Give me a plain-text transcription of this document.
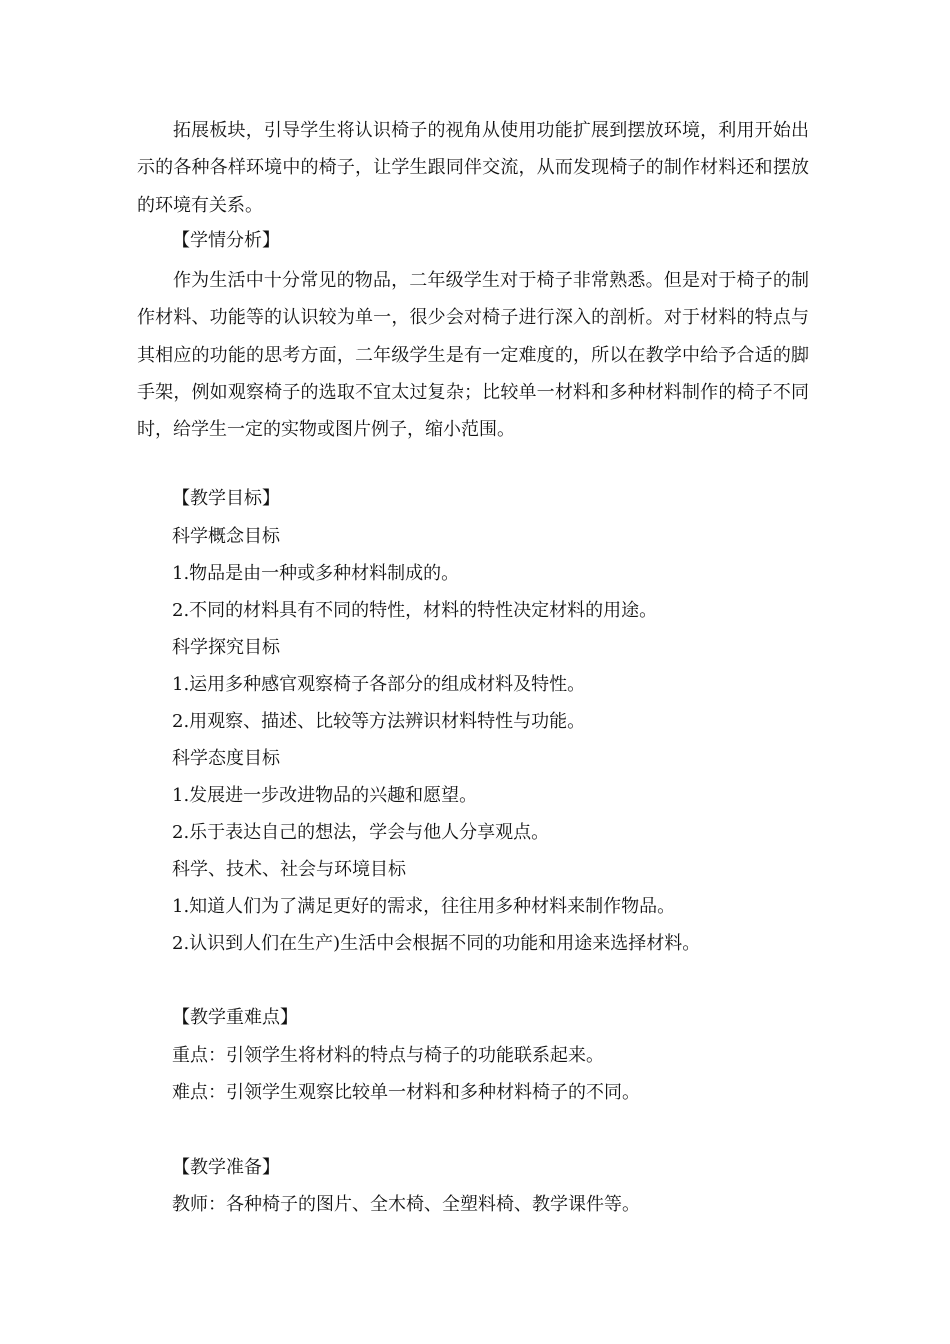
拓展板块，引导学生将认识椅子的视角从使用功能扩展到摆放环境，利用开始出示的各种各样环境中的椅子，让学生跟同伴交流，从而发现椅子的制作材料还和摆放的环境有关系。

【学情分析】

作为生活中十分常见的物品，二年级学生对于椅子非常熟悉。但是对于椅子的制作材料、功能等的认识较为单一，很少会对椅子进行深入的剖析。对于材料的特点与其相应的功能的思考方面，二年级学生是有一定难度的，所以在教学中给予合适的脚手架，例如观察椅子的选取不宜太过复杂；比较单一材料和多种材料制作的椅子不同时，给学生一定的实物或图片例子，缩小范围。

【教学目标】
科学概念目标
1.物品是由一种或多种材料制成的。
2.不同的材料具有不同的特性，材料的特性决定材料的用途。
科学探究目标
1.运用多种感官观察椅子各部分的组成材料及特性。
2.用观察、描述、比较等方法辨识材料特性与功能。
科学态度目标
1.发展进一步改进物品的兴趣和愿望。
2.乐于表达自己的想法，学会与他人分享观点。
科学、技术、社会与环境目标
1.知道人们为了满足更好的需求，往往用多种材料来制作物品。
2.认识到人们在生产)生活中会根据不同的功能和用途来选择材料。
【教学重难点】
重点：引领学生将材料的特点与椅子的功能联系起来。
难点：引领学生观察比较单一材料和多种材料椅子的不同。
【教学准备】
教师：各种椅子的图片、全木椅、全塑料椅、教学课件等。
